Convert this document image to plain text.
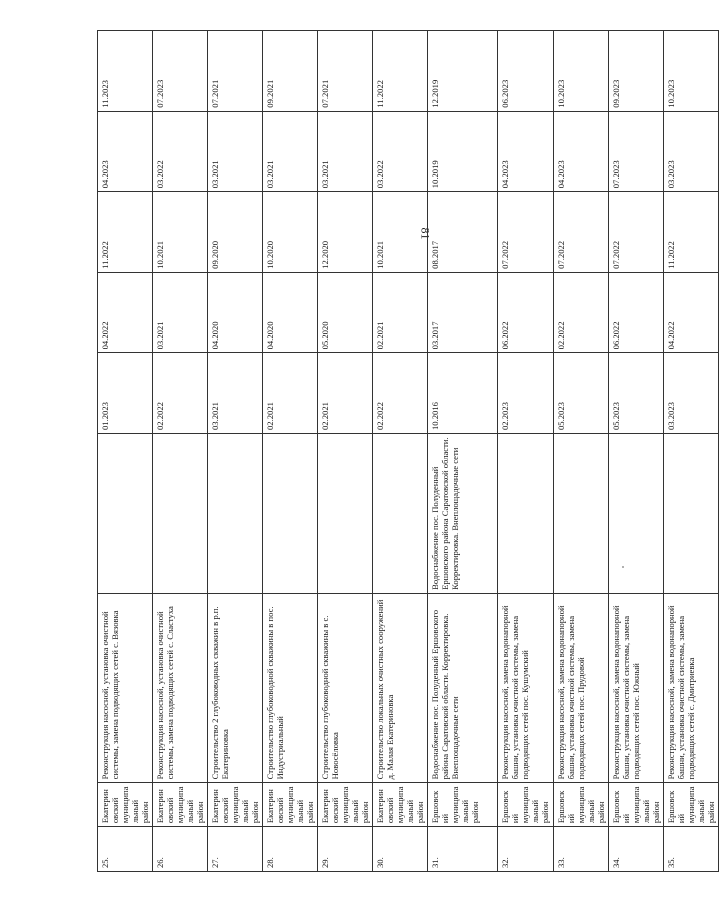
81
25.	Екатериновский муниципальный район	Реконструкция насосной, установка очистной системы, замена подводящих сетей с. Вязовка		01.2023	04.2022	11.2022	04.2023	11.2023
26.	Екатериновский муниципальный район	Реконструкция насосной, установка очистной системы, замена подводящих сетей с. Сластуха		02.2022	03.2021	10.2021	03.2022	07.2023
27.	Екатериновский муниципальный район	Строительство 2 глубоководных скважин в р.п. Екатериновка		03.2021	04.2020	09.2020	03.2021	07.2021
28.	Екатериновский муниципальный район	Строительство глубоководной скважины в пос. Индустриальный		02.2021	04.2020	10.2020	03.2021	09.2021
29.	Екатериновский муниципальный район	Строительство глубоководной скважины в с. Новосёловка		02.2021	05.2020	12.2020	03.2021	07.2021
30.	Екатериновский муниципальный район	Строительство локальных очистных сооружений д. Малая Екатериновка		02.2022	02.2021	10.2021	03.2022	11.2022
31.	Ершовский муниципальный район	Водоснабжение пос. Полуденный Ершовского района Саратовской области. Корректировка. Внеплощадочные сети	Водоснабжение пос. Полуденный Ершовского района Саратовской области. Корректировка. Внеплощадочные сети	10.2016	03.2017	08.2017	10.2019	12.2019
32.	Ершовский муниципальный район	Реконструкция насосной, замена водонапорной башни, установка очистной системы, замена подводящих сетей пос. Кушумский		02.2023	06.2022	07.2022	04.2023	06.2023
33.	Ершовский муниципальный район	Реконструкция насосной, замена водонапорной башни, установка очистной системы, замена подводящих сетей пос. Прудовой		05.2023	02.2022	07.2022	04.2023	10.2023
34.	Ершовский муниципальный район	Реконструкция насосной, замена водонапорной башни, установка очистной системы, замена подводящих сетей пос. Южный		05.2023	06.2022	07.2022	07.2023	09.2023
35.	Ершовский муниципальный район	Реконструкция насосной, замена водонапорной башни, установка очистной системы, замена подводящих сетей с. Дмитриевка		03.2023	04.2022	11.2022	03.2023	10.2023
